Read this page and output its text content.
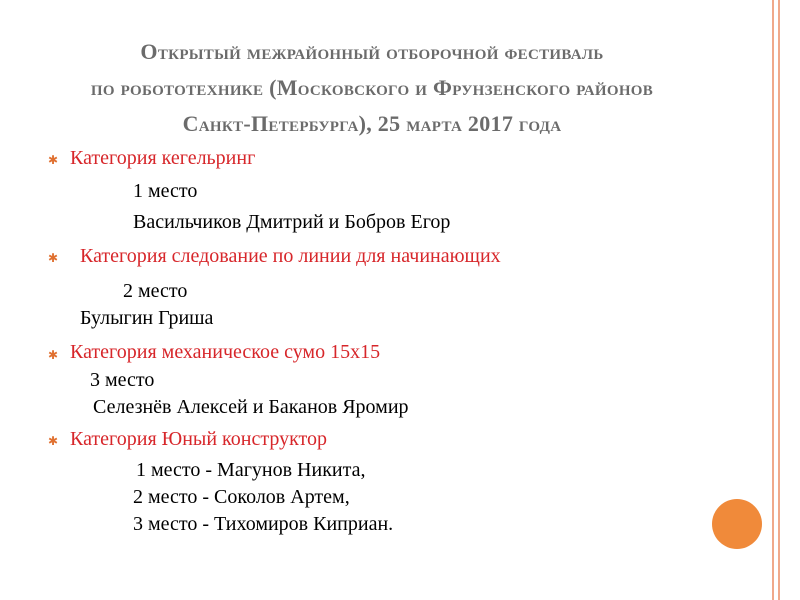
Открытый межрайонный отборочной фестиваль
по робототехнике (Московского и Фрунзенского районов
Санкт-Петербурга), 25 марта 2017 года
✱ Категория кегельринг
1 место
Васильчиков Дмитрий и Бобров Егор
✱ Категория следование по линии для начинающих
2 место
Булыгин Гриша
✱ Категория механическое сумо 15x15
3 место
Селезнёв Алексей и Баканов Яромир
✱ Категория Юный конструктор
1 место - Магунов Никита,
2 место - Соколов Артем,
3 место - Тихомиров Киприан.
